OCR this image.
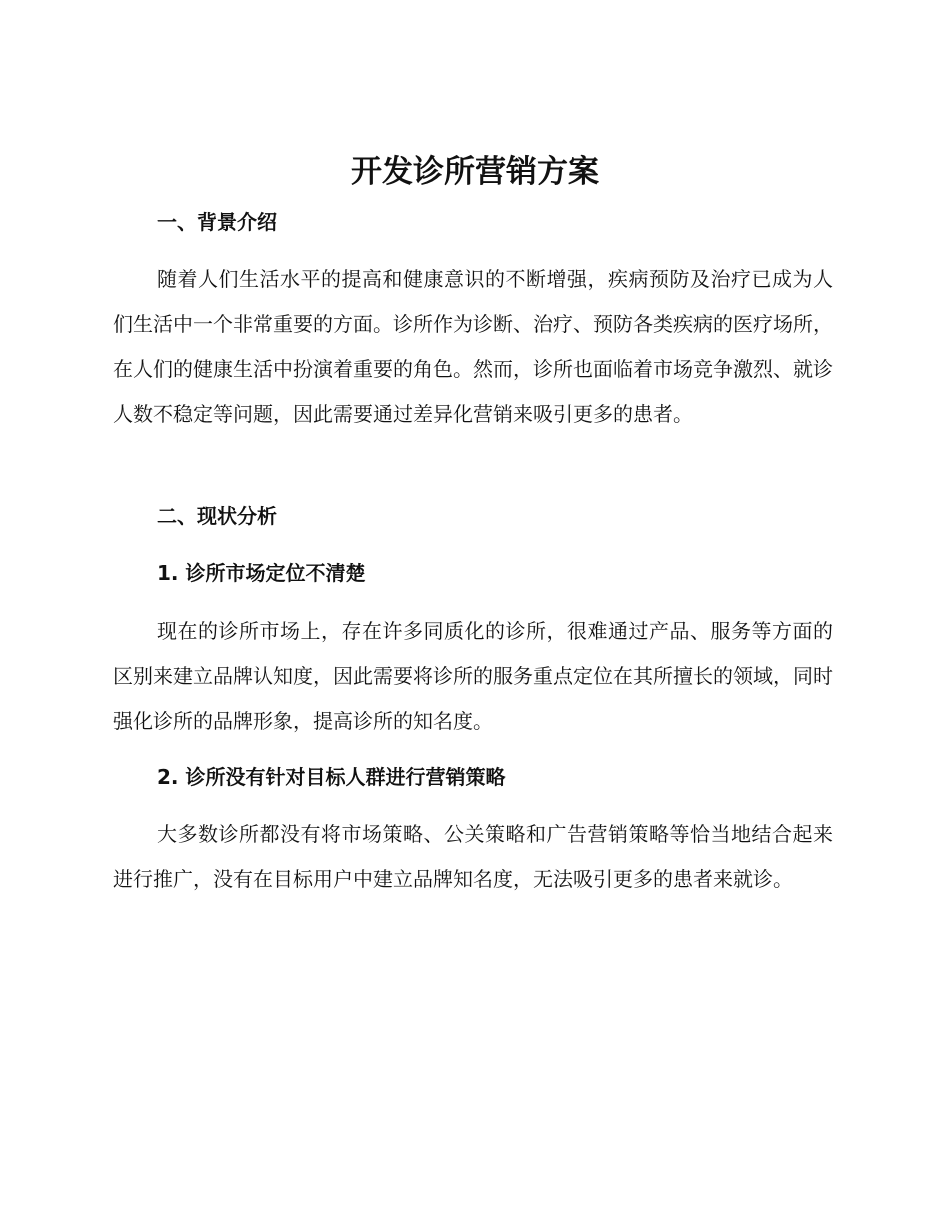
开发诊所营销方案
一、背景介绍

随着人们生活水平的提高和健康意识的不断增强，疾病预防及治疗已成为人们生活中一个非常重要的方面。诊所作为诊断、治疗、预防各类疾病的医疗场所，在人们的健康生活中扮演着重要的角色。然而，诊所也面临着市场竞争激烈、就诊人数不稳定等问题，因此需要通过差异化营销来吸引更多的患者。

二、现状分析
1. 诊所市场定位不清楚

现在的诊所市场上，存在许多同质化的诊所，很难通过产品、服务等方面的区别来建立品牌认知度，因此需要将诊所的服务重点定位在其所擅长的领域，同时强化诊所的品牌形象，提高诊所的知名度。

2. 诊所没有针对目标人群进行营销策略

大多数诊所都没有将市场策略、公关策略和广告营销策略等恰当地结合起来进行推广，没有在目标用户中建立品牌知名度，无法吸引更多的患者来就诊。
